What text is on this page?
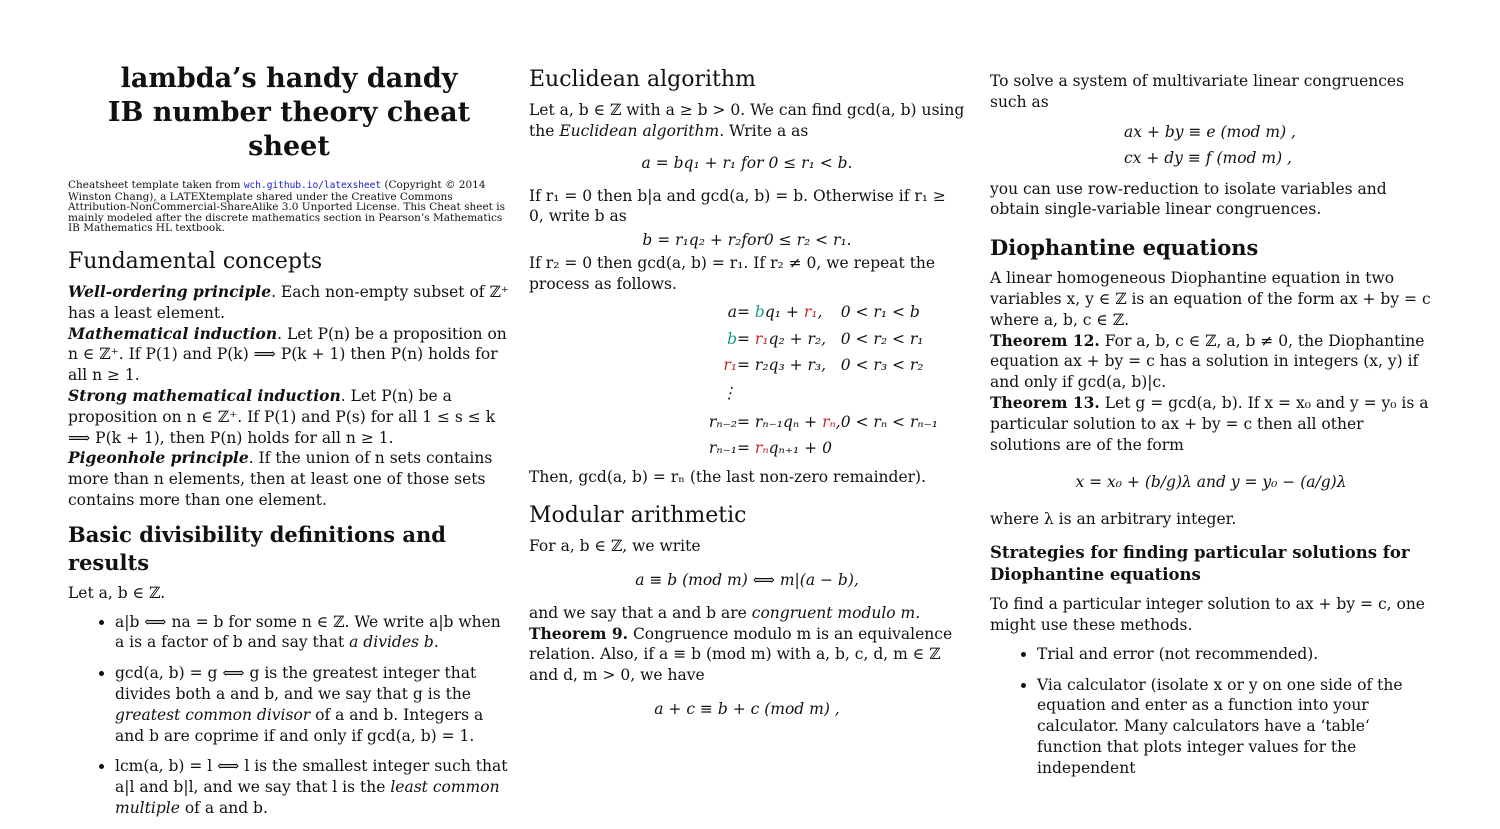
lambda’s handy dandy
IB number theory cheat sheet
Cheatsheet template taken from wch.github.io/latexsheet (Copyright © 2014 Winston Chang), a LATEXtemplate shared under the Creative Commons Attribution-NonCommercial-ShareAlike 3.0 Unported License. This Cheat sheet is mainly modeled after the discrete mathematics section in Pearson’s Mathematics IB Mathematics HL textbook.
Fundamental concepts

Well-ordering principle. Each non-empty subset of ℤ⁺ has a least element.

Mathematical induction. Let P(n) be a proposition on n ∈ ℤ⁺. If P(1) and P(k) ⟹ P(k + 1) then P(n) holds for all n ≥ 1.

Strong mathematical induction. Let P(n) be a proposition on n ∈ ℤ⁺. If P(1) and P(s) for all 1 ≤ s ≤ k ⟹ P(k + 1), then P(n) holds for all n ≥ 1.

Pigeonhole principle. If the union of n sets contains more than n elements, then at least one of those sets contains more than one element.

Basic divisibility definitions and results

Let a, b ∈ ℤ.

• a|b ⟺ na = b for some n ∈ ℤ. We write a|b when a is a factor of b and say that a divides b.
• gcd(a, b) = g ⟺ g is the greatest integer that divides both a and b, and we say that g is the greatest common divisor of a and b. Integers a and b are coprime if and only if gcd(a, b) = 1.
• lcm(a, b) = l ⟺ l is the smallest integer such that a|l and b|l, and we say that l is the least common multiple of a and b.
Euclidean algorithm

Let a, b ∈ ℤ with a ≥ b > 0. We can find gcd(a, b) using the Euclidean algorithm. Write a as

a = bq₁ + r₁ for 0 ≤ r₁ < b.

If r₁ = 0 then b|a and gcd(a, b) = b. Otherwise if r₁ ≥ 0, write b as

b = r₁q₂ + r₂for0 ≤ r₂ < r₁.

If r₂ = 0 then gcd(a, b) = r₁. If r₂ ≠ 0, we repeat the process as follows.

a	= bq₁ + r₁,	0 < r₁ < b
b	= r₁q₂ + r₂,	0 < r₂ < r₁
r₁	= r₂q₃ + r₃,	0 < r₃ < r₂
⋮		
rₙ₋₂	= rₙ₋₁qₙ + rₙ,	0 < rₙ < rₙ₋₁
rₙ₋₁	= rₙqₙ₊₁ + 0	

Then, gcd(a, b) = rₙ (the last non-zero remainder).

Modular arithmetic

For a, b ∈ ℤ, we write

a ≡ b (mod m) ⟺ m|(a − b),

and we say that a and b are congruent modulo m.

Theorem 9. Congruence modulo m is an equivalence relation. Also, if a ≡ b (mod m) with a, b, c, d, m ∈ ℤ and d, m > 0, we have

a + c ≡ b + c (mod m) ,

To solve a system of multivariate linear congruences such as

ax + by ≡ e (mod m) ,
cx + dy ≡ f (mod m) ,

you can use row-reduction to isolate variables and obtain single-variable linear congruences.

Diophantine equations

A linear homogeneous Diophantine equation in two variables x, y ∈ ℤ is an equation of the form ax + by = c where a, b, c ∈ ℤ.

Theorem 12. For a, b, c ∈ ℤ, a, b ≠ 0, the Diophantine equation ax + by = c has a solution in integers (x, y) if and only if gcd(a, b)|c.

Theorem 13. Let g = gcd(a, b). If x = x₀ and y = y₀ is a particular solution to ax + by = c then all other solutions are of the form

x = x₀ + (b/g)λ and y = y₀ − (a/g)λ

where λ is an arbitrary integer.

Strategies for finding particular solutions for Diophantine equations

To find a particular integer solution to ax + by = c, one might use these methods.

• Trial and error (not recommended).
• Via calculator (isolate x or y on one side of the equation and enter as a function into your calculator. Many calculators have a ‘table‘ function that plots integer values for the independent
